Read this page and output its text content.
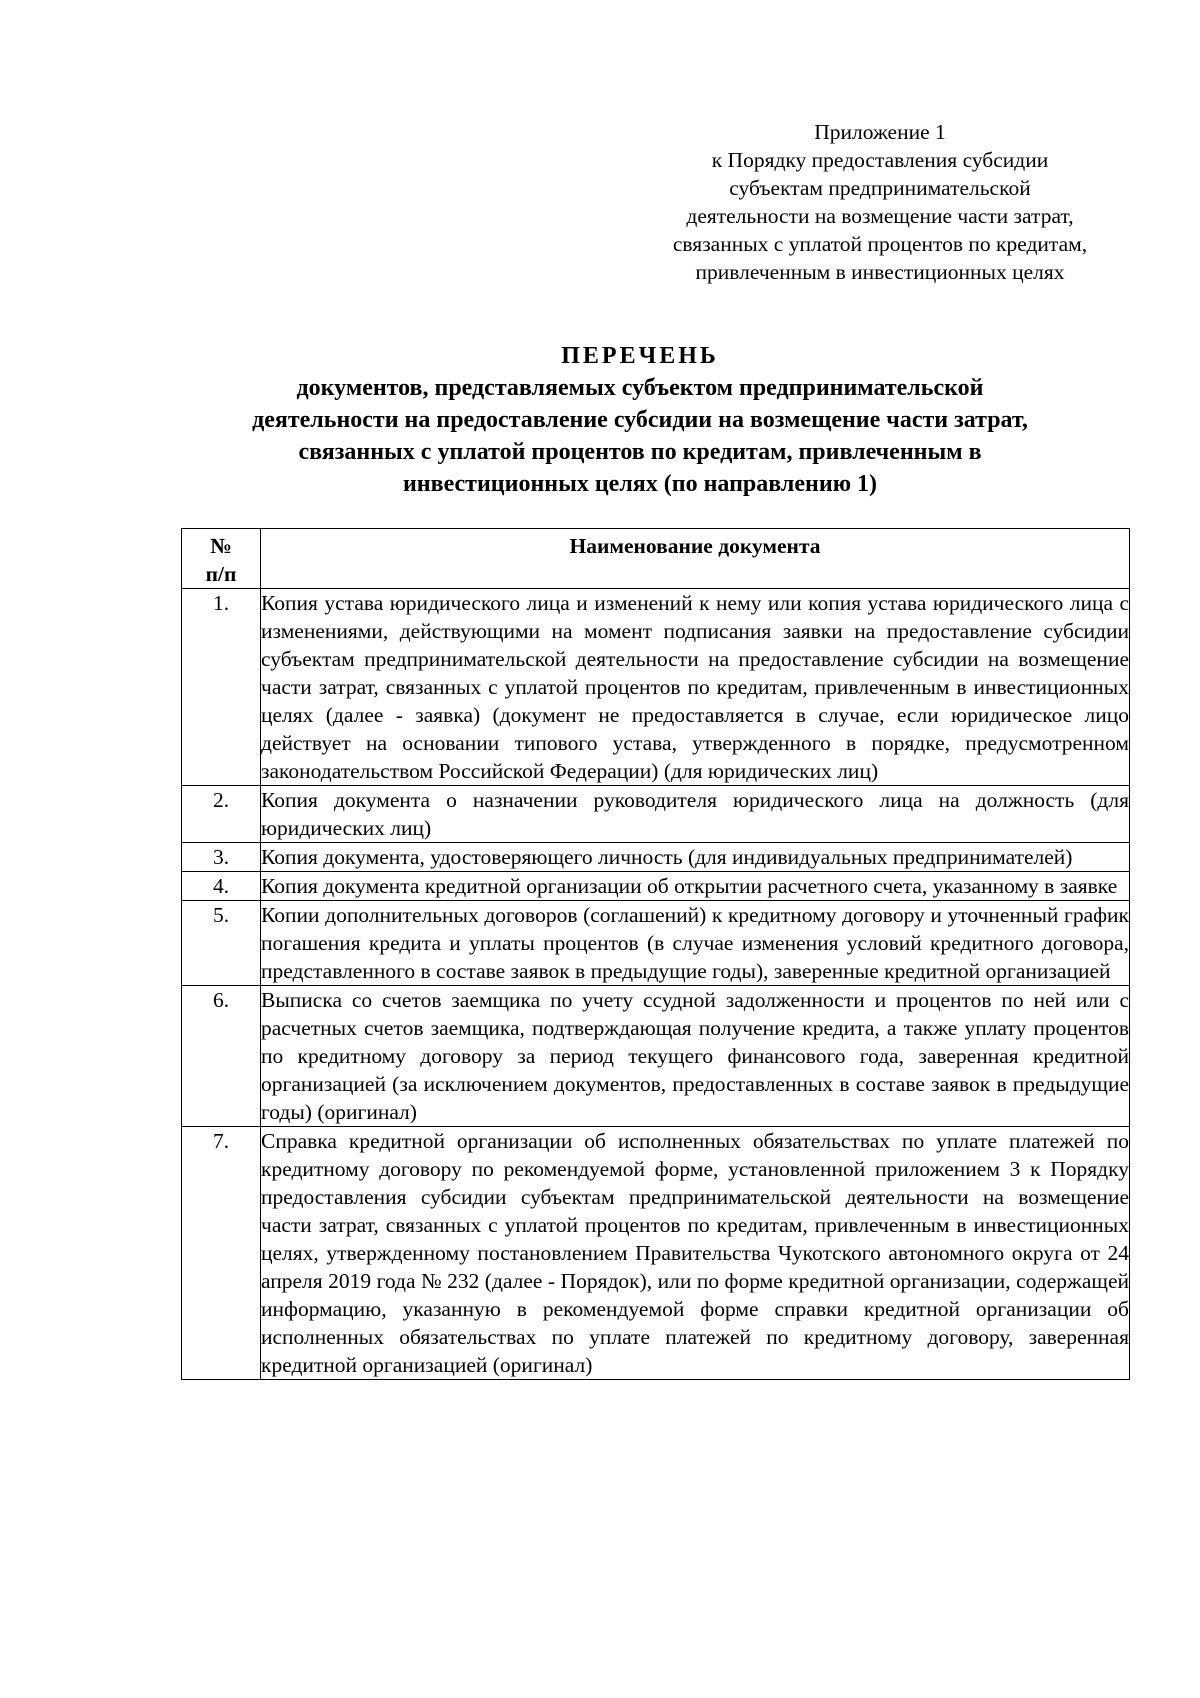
Приложение 1
к Порядку предоставления субсидии
субъектам предпринимательской
деятельности на возмещение части затрат,
связанных с уплатой процентов по кредитам,
привлеченным в инвестиционных целях
ПЕРЕЧЕНЬ
документов, представляемых субъектом предпринимательской
деятельности на предоставление субсидии на возмещение части затрат,
связанных с уплатой процентов по кредитам, привлеченным в
инвестиционных целях (по направлению 1)
№
п/п	Наименование документа
1.	Копия устава юридического лица и изменений к нему или копия устава юридического лица с изменениями, действующими на момент подписания заявки на предоставление субсидии субъектам предпринимательской деятельности на предоставление субсидии на возмещение части затрат, связанных с уплатой процентов по кредитам, привлеченным в инвестиционных целях (далее - заявка) (документ не предоставляется в случае, если юридическое лицо действует на основании типового устава, утвержденного в порядке, предусмотренном законодательством Российской Федерации) (для юридических лиц)
2.	Копия документа о назначении руководителя юридического лица на должность (для юридических лиц)
3.	Копия документа, удостоверяющего личность (для индивидуальных предпринимателей)
4.	Копия документа кредитной организации об открытии расчетного счета, указанному в заявке
5.	Копии дополнительных договоров (соглашений) к кредитному договору и уточненный график погашения кредита и уплаты процентов (в случае изменения условий кредитного договора, представленного в составе заявок в предыдущие годы), заверенные кредитной организацией
6.	Выписка со счетов заемщика по учету ссудной задолженности и процентов по ней или с расчетных счетов заемщика, подтверждающая получение кредита, а также уплату процентов по кредитному договору за период текущего финансового года, заверенная кредитной организацией (за исключением документов, предоставленных в составе заявок в предыдущие годы) (оригинал)
7.	Справка кредитной организации об исполненных обязательствах по уплате платежей по кредитному договору по рекомендуемой форме, установленной приложением 3 к Порядку предоставления субсидии субъектам предпринимательской деятельности на возмещение части затрат, связанных с уплатой процентов по кредитам, привлеченным в инвестиционных целях, утвержденному постановлением Правительства Чукотского автономного округа от 24 апреля 2019 года № 232 (далее - Порядок), или по форме кредитной организации, содержащей информацию, указанную в рекомендуемой форме справки кредитной организации об исполненных обязательствах по уплате платежей по кредитному договору, заверенная кредитной организацией (оригинал)
